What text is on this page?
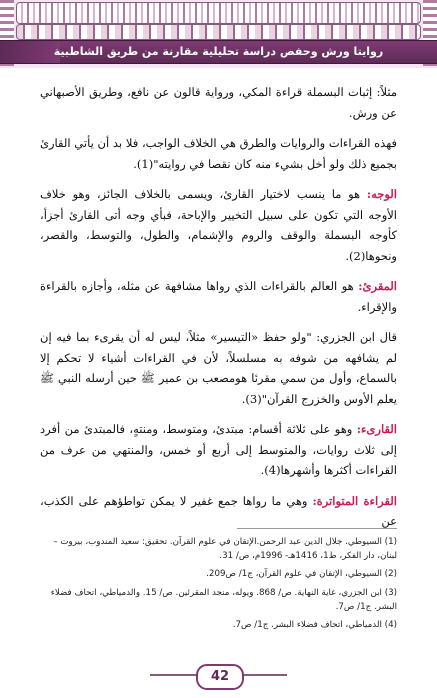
روايتا ورش وحفص دراسة تحليلية مقارنة من طريق الشاطبية

مثلاً: إثبات البسملة قراءة المكي، ورواية قالون عن نافع، وطريق الأصبهاني عن ورش.

فهذه القراءات والروايات والطرق هي الخلاف الواجب، فلا بد أن يأتي القارئ بجميع ذلك ولو أخل بشيء منه كان نقصا في روايته"(1).

الوجه: هو ما ينسب لاختيار القارئ، ويسمى بالخلاف الجائز، وهو خلاف الأوجه التي تكون على سبيل التخيير والإباحة، فبأي وجه أتى القارئ أجزأ، كأوجه البسملة والوقف والروم والإشمام، والطول، والتوسط، والقصر، ونحوها(2).

المقرئ: هو العالم بالقراءات الذي رواها مشافهة عن مثله، وأجازه بالقراءة والإقراء.

قال ابن الجزري: "ولو حفظ «التيسير» مثلاً، ليس له أن يقرىء بما فيه إن لم يشافهه من شوفه به مسلسلاً، لأن في القراءات أشياء لا تحكم إلا بالسماع، وأول من سمي مقرئا هومصعب بن عمير ﷺ حين أرسله النبي ﷺ يعلم الأوس والخزرج القرآن"(3).

القارىء: وهو على ثلاثة أقسام: مبتدئ، ومتوسط، ومنتهٍ، فالمبتدئ من أفرد إلى ثلاث روايات، والمتوسط إلى أربع أو خمس، والمنتهي من عرف من القراءات أكثرها وأشهرها(4).

القراءة المتواترة: وهي ما رواها جمع غفير لا يمكن تواطؤهم على الكذب، عن

(1) السيوطي. جلال الدين عبد الرحمن.الإتقان في علوم القرآن. تحقيق: سعيد المندوب، بيروت – لبنان، دار الفكر، ط1، 1416هـ- 1996م، ص/ 31.

(2) السيوطي، الإتقان في علوم القرآن، ج1/ ص209.

(3) ابن الجزري، غاية النهاية. ص/ 868. ويوله، منجد المقرئين. ص/ 15. والدمياطي، اتحاف فضلاء البشر. ج1/ ص7.

(4) الدمياطي، اتحاف فضلاء البشر. ج1/ ص7.

42
